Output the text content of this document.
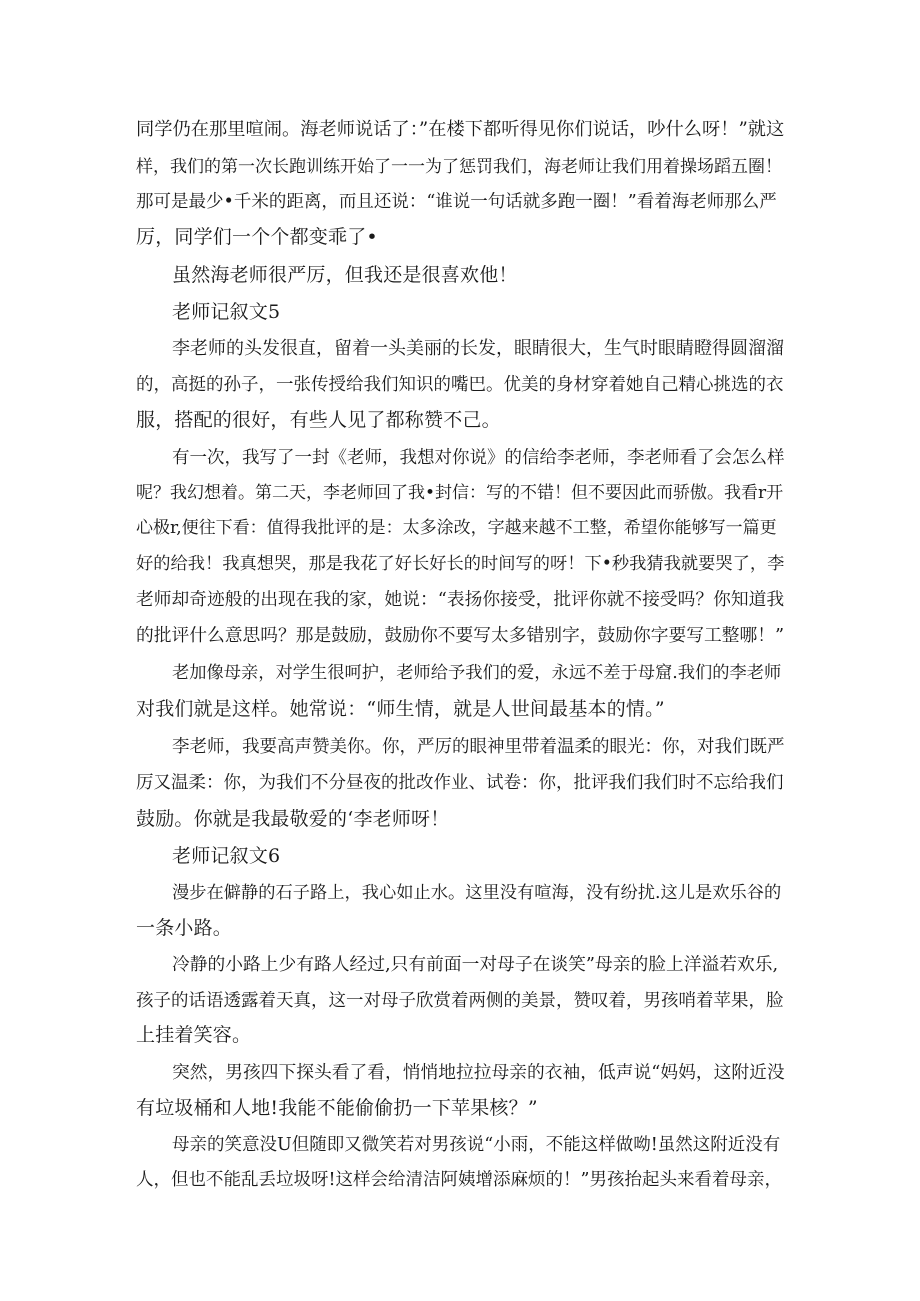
同学仍在那里喧闹。海老师说话了：”在楼下都听得见你们说话，吵什么呀！”就这
样，我们的第一次长跑训练开始了一一为了惩罚我们，海老师让我们用着操场蹈五圈！
那可是最少•千米的距离，而且还说：“谁说一句话就多跑一圈！”看着海老师那么严
厉，同学们一个个都变乖了•
虽然海老师很严厉，但我还是很喜欢他！
老师记叙文5
李老师的头发很直，留着一头美丽的长发，眼睛很大，生气时眼睛瞪得圆溜溜
的，高挺的孙子，一张传授给我们知识的嘴巴。优美的身材穿着她自己精心挑选的衣
服，搭配的很好，有些人见了都称赞不己。
有一次，我写了一封《老师，我想对你说》的信给李老师，李老师看了会怎么样
呢？我幻想着。第二天，李老师回了我•封信：写的不错！但不要因此而骄傲。我看r开
心极r,便往下看：值得我批评的是：太多涂改，字越来越不工整，希望你能够写一篇更
好的给我！我真想哭，那是我花了好长好长的时间写的呀！下•秒我猜我就要哭了，李
老师却奇迹般的出现在我的家，她说：“表扬你接受，批评你就不接受吗？你知道我
的批评什么意思吗？那是鼓励，鼓励你不要写太多错别字，鼓励你字要写工整哪！”
老加像母亲，对学生很呵护，老师给予我们的爱，永远不差于母窟.我们的李老师
对我们就是这样。她常说：“师生情，就是人世间最基本的情。”
李老师，我要高声赞美你。你，严厉的眼神里带着温柔的眼光：你，对我们既严
厉又温柔：你，为我们不分昼夜的批改作业、试卷：你，批评我们我们时不忘给我们
鼓励。你就是我最敬爱的‘李老师呀！
老师记叙文6
漫步在僻静的石子路上，我心如止水。这里没有喧海，没有纷扰.这儿是欢乐谷的
一条小路。
冷静的小路上少有路人经过,只有前面一对母子在谈笑”母亲的脸上洋溢若欢乐,
孩子的话语透露着天真，这一对母子欣赏着两侧的美景，赞叹着，男孩哨着苹果，脸
上挂着笑容。
突然，男孩四下探头看了看，悄悄地拉拉母亲的衣袖，低声说“妈妈，这附近没
有垃圾桶和人地!我能不能偷偷扔一下苹果核？”
母亲的笑意没U但随即又微笑若对男孩说“小雨，不能这样做呦!虽然这附近没有
人，但也不能乱丢垃圾呀!这样会给清洁阿姨增添麻烦的！”男孩抬起头来看着母亲，
